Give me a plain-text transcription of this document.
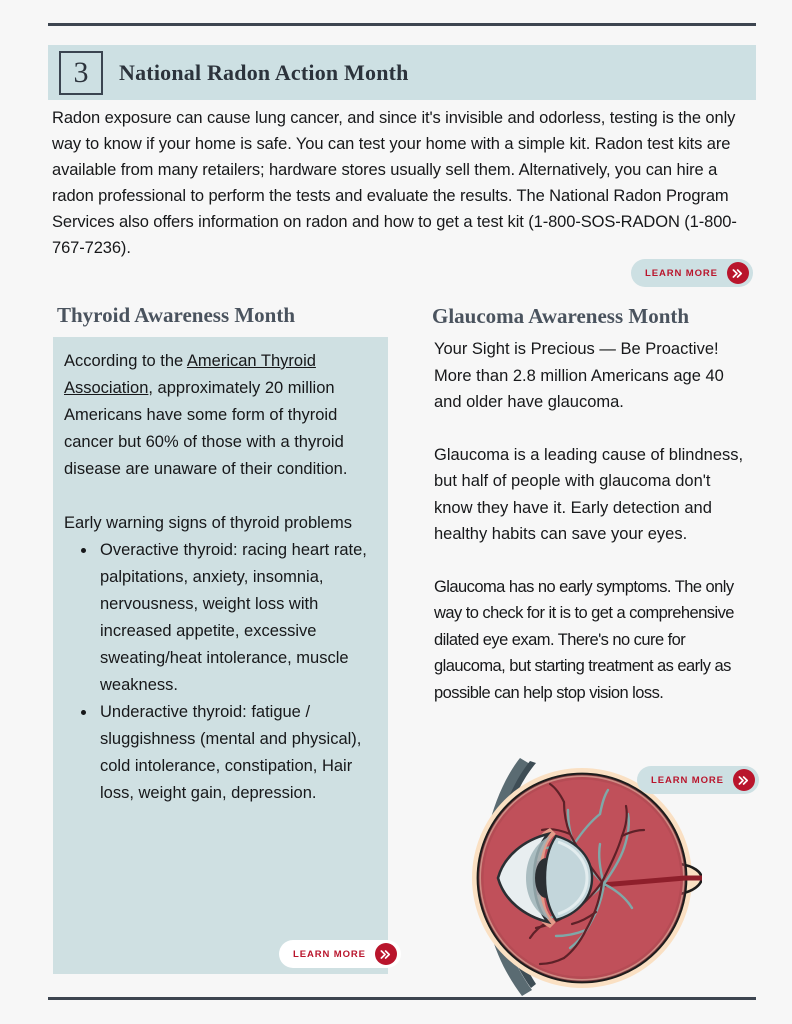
3	National Radon Action Month
Radon exposure can cause lung cancer, and since it's invisible and odorless, testing is the only way to know if your home is safe. You can test your home with a simple kit. Radon test kits are available from many retailers; hardware stores usually sell them. Alternatively, you can hire a radon professional to perform the tests and evaluate the results. The National Radon Program Services also offers information on radon and how to get a test kit (1-800-SOS-RADON (1-800-767-7236).
LEARN MORE
Thyroid Awareness Month	Glaucoma Awareness Month

According to the American Thyroid Association, approximately 20 million Americans have some form of thyroid cancer but 60% of those with a thyroid disease are unaware of their condition.

Early warning signs of thyroid problems

• Overactive thyroid: racing heart rate, palpitations, anxiety, insomnia, nervousness, weight loss with increased appetite, excessive sweating/heat intolerance, muscle weakness.
• Underactive thyroid: fatigue / sluggishness (mental and physical), cold intolerance, constipation, Hair loss, weight gain, depression.
LEARN MORE

Your Sight is Precious — Be Proactive! More than 2.8 million Americans age 40 and older have glaucoma.

Glaucoma is a leading cause of blindness, but half of people with glaucoma don't know they have it. Early detection and healthy habits can save your eyes.

Glaucoma has no early symptoms. The only way to check for it is to get a comprehensive dilated eye exam. There's no cure for glaucoma, but starting treatment as early as possible can help stop vision loss.

LEARN MORE
